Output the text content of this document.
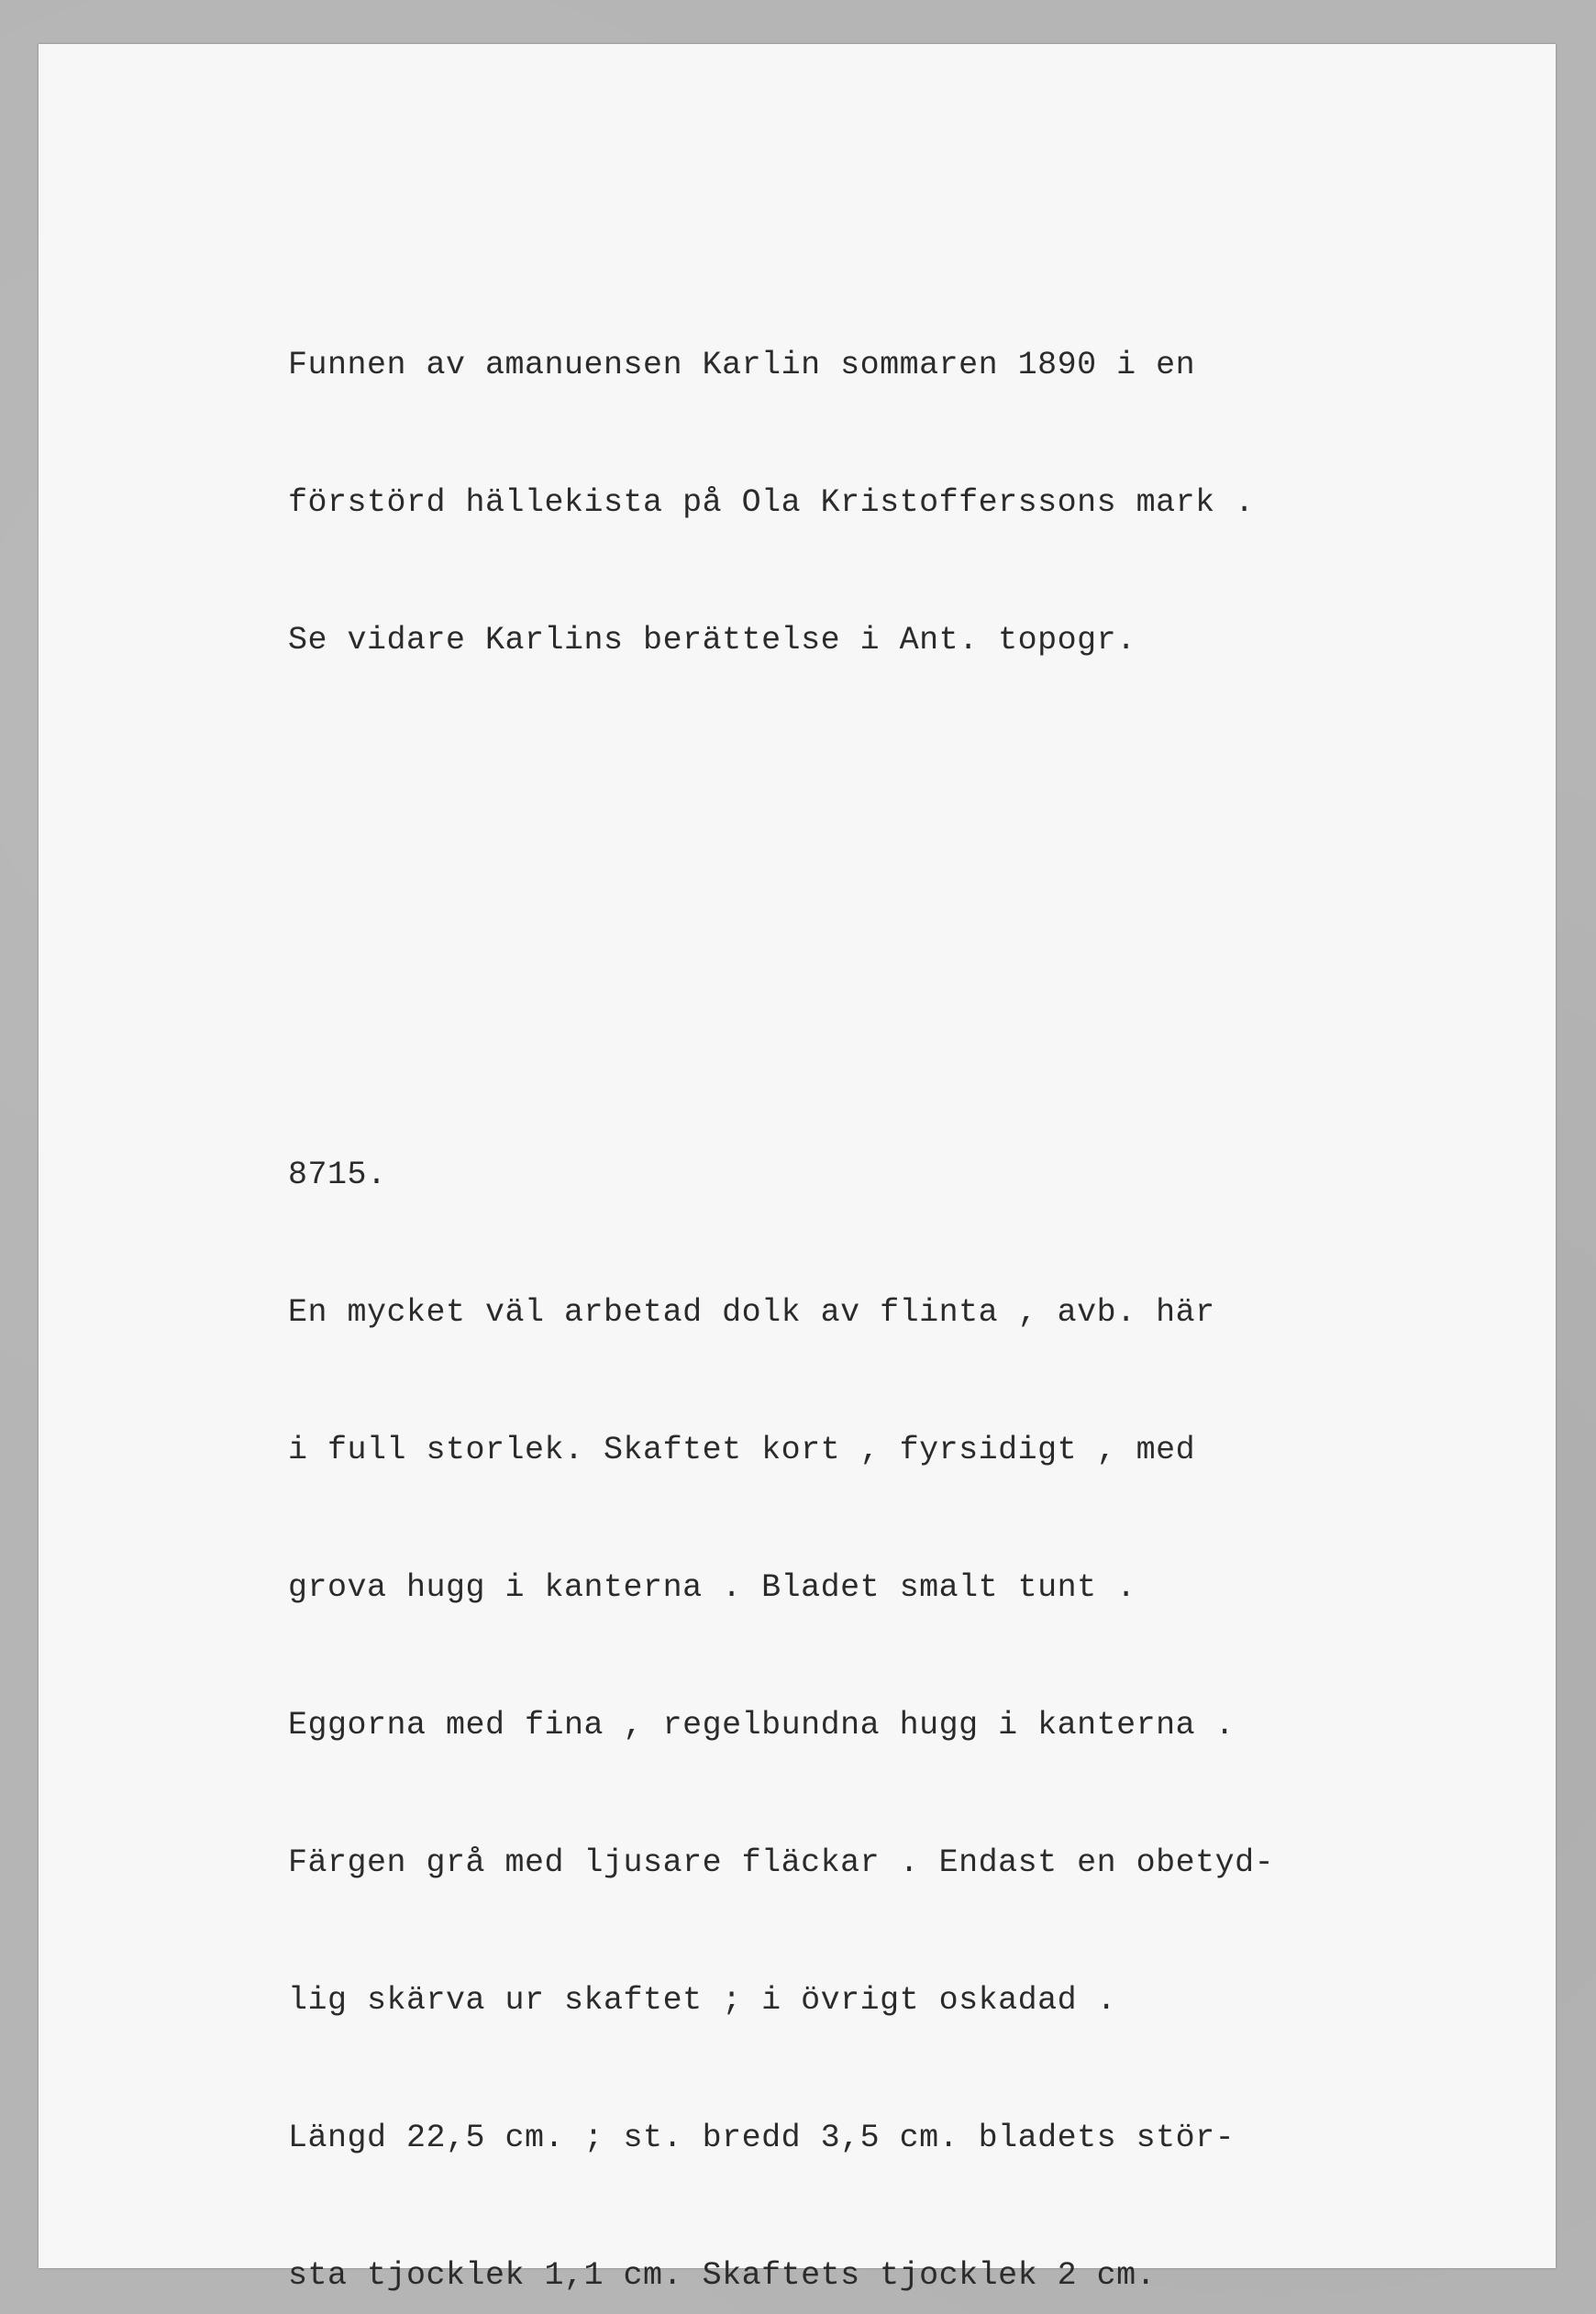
Funnen av amanuensen Karlin sommaren 1890 i en

förstörd hällekista på Ola Kristofferssons mark .

Se vidare Karlins berättelse i Ant. topogr.

8715.

En mycket väl arbetad dolk av flinta , avb. här

i full storlek. Skaftet kort , fyrsidigt , med

grova hugg i kanterna . Bladet smalt tunt .

Eggorna med fina , regelbundna hugg i kanterna .

Färgen grå med ljusare fläckar . Endast en obetyd-

lig skärva ur skaftet ; i övrigt oskadad .

Längd 22,5 cm. ; st. bredd 3,5 cm. bladets stör-

sta tjocklek 1,1 cm. Skaftets tjocklek 2 cm.
